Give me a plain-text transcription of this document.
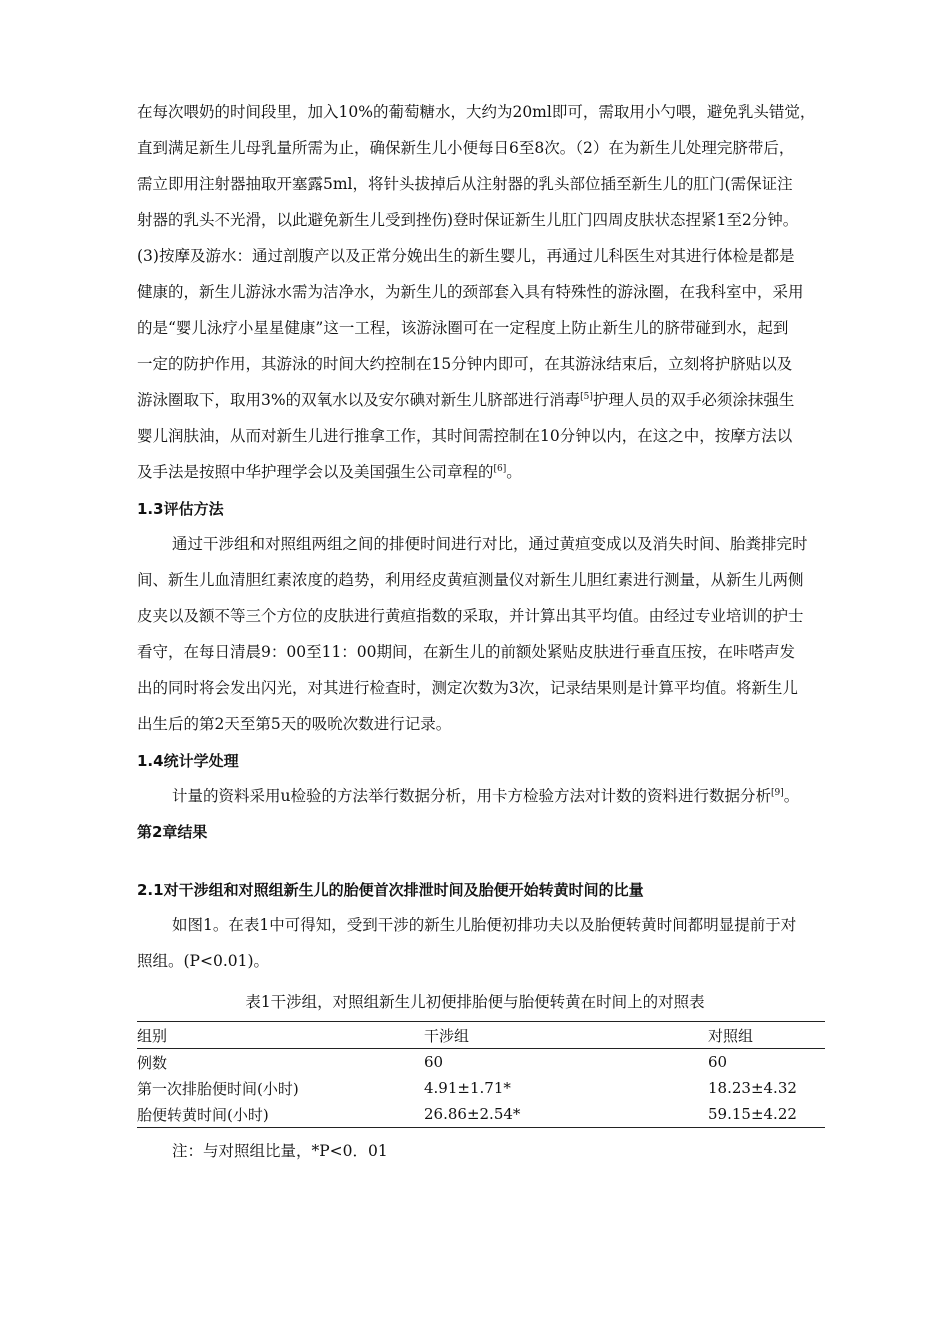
在每次喂奶的时间段里，加入10%的葡萄糖水，大约为20ml即可，需取用小勺喂，避免乳头错觉，
直到满足新生儿母乳量所需为止，确保新生儿小便每日6至8次。（2）在为新生儿处理完脐带后，
需立即用注射器抽取开塞露5ml，将针头拔掉后从注射器的乳头部位插至新生儿的肛门(需保证注
射器的乳头不光滑，以此避免新生儿受到挫伤)登时保证新生儿肛门四周皮肤状态捏紧1至2分钟。
(3)按摩及游水：通过剖腹产以及正常分娩出生的新生婴儿，再通过儿科医生对其进行体检是都是
健康的，新生儿游泳水需为洁净水，为新生儿的颈部套入具有特殊性的游泳圈，在我科室中，采用
的是“婴儿泳疗小星星健康”这一工程，该游泳圈可在一定程度上防止新生儿的脐带碰到水，起到
一定的防护作用，其游泳的时间大约控制在15分钟内即可，在其游泳结束后，立刻将护脐贴以及
游泳圈取下，取用3%的双氧水以及安尔碘对新生儿脐部进行消毒[5]护理人员的双手必须涂抹强生
婴儿润肤油，从而对新生儿进行推拿工作，其时间需控制在10分钟以内，在这之中，按摩方法以
及手法是按照中华护理学会以及美国强生公司章程的[6]。
1.3评估方法
通过干涉组和对照组两组之间的排便时间进行对比，通过黄疸变成以及消失时间、胎粪排完时
间、新生儿血清胆红素浓度的趋势，利用经皮黄疸测量仪对新生儿胆红素进行测量，从新生儿两侧
皮夹以及额不等三个方位的皮肤进行黄疸指数的采取，并计算出其平均值。由经过专业培训的护士
看守，在每日清晨9：00至11：00期间，在新生儿的前额处紧贴皮肤进行垂直压按，在咔嗒声发
出的同时将会发出闪光，对其进行检查时，测定次数为3次，记录结果则是计算平均值。将新生儿
出生后的第2天至第5天的吸吮次数进行记录。
1.4统计学处理
计量的资料采用u检验的方法举行数据分析，用卡方检验方法对计数的资料进行数据分析[9]。
第2章结果
2.1对干涉组和对照组新生儿的胎便首次排泄时间及胎便开始转黄时间的比量
如图1。在表1中可得知，受到干涉的新生儿胎便初排功夫以及胎便转黄时间都明显提前于对
照组。(P<0.01)。
表1干涉组，对照组新生儿初便排胎便与胎便转黄在时间上的对照表
组别	干涉组	对照组
例数	60	60
第一次排胎便时间(小时)	4.91±1.71*	18.23±4.32
胎便转黄时间(小时)	26.86±2.54*	59.15±4.22
注：与对照组比量，*P<0．01
